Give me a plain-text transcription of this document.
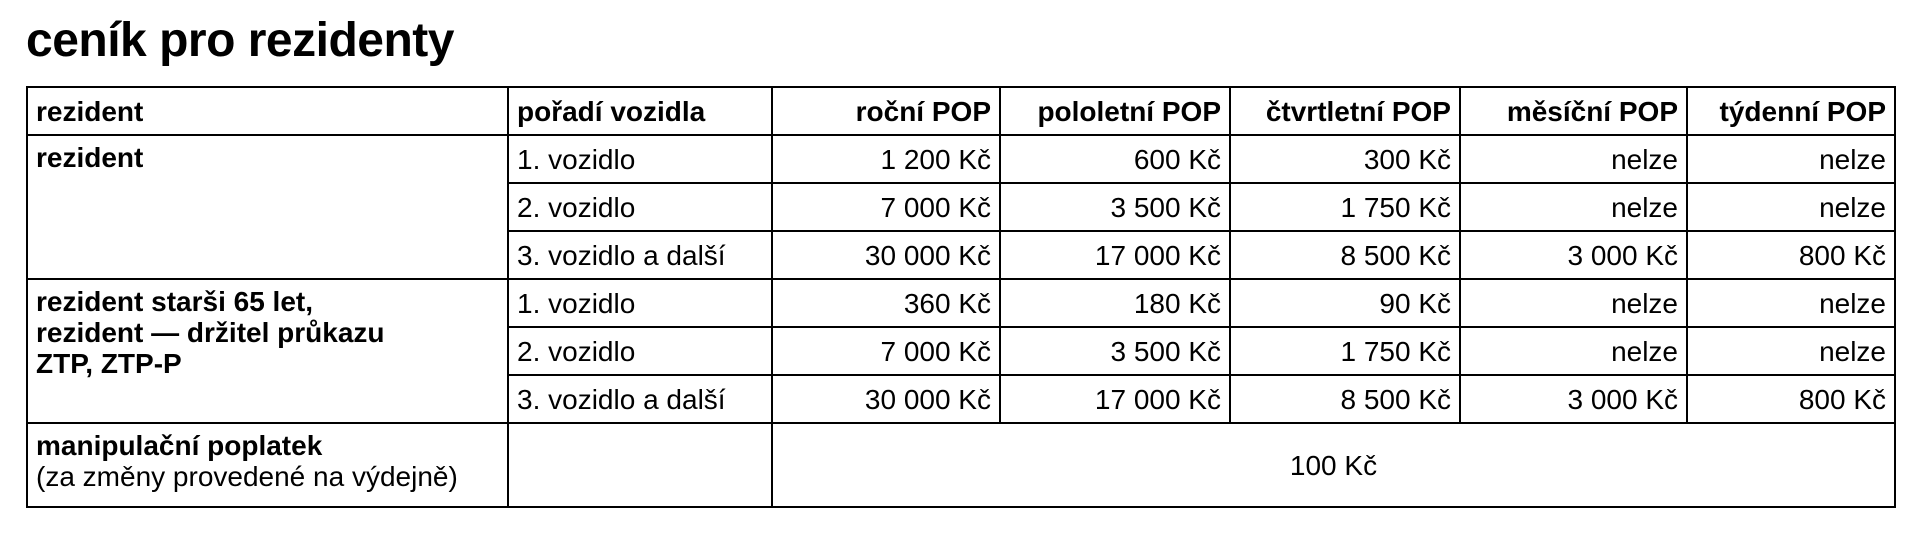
ceník pro rezidenty
rezident	pořadí vozidla	roční POP	pololetní POP	čtvrtletní POP	měsíční POP	týdenní POP

rezident	1. vozidlo	1 200 Kč	600 Kč	300 Kč	nelze	nelze
	2. vozidlo	7 000 Kč	3 500 Kč	1 750 Kč	nelze	nelze
	3. vozidlo a další	30 000 Kč	17 000 Kč	8 500 Kč	3 000 Kč	800 Kč

rezident starši 65 let,
rezident — držitel průkazu
ZTP, ZTP-P	1. vozidlo	360 Kč	180 Kč	90 Kč	nelze	nelze
	2. vozidlo	7 000 Kč	3 500 Kč	1 750 Kč	nelze	nelze
	3. vozidlo a další	30 000 Kč	17 000 Kč	8 500 Kč	3 000 Kč	800 Kč

manipulační poplatek
(za změny provedené na výdejně)		100 Kč				
